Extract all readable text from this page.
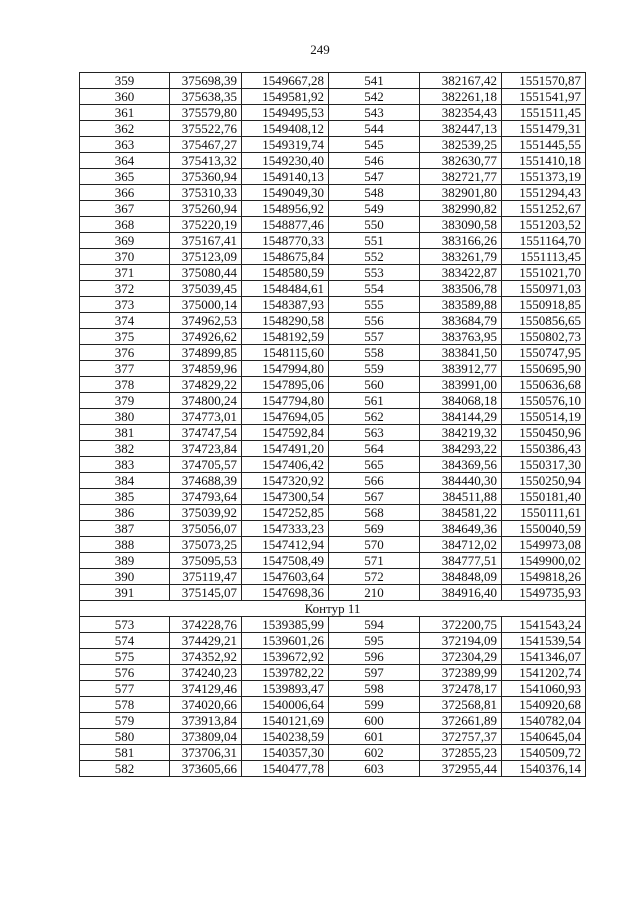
249
359	375698,39	1549667,28	541	382167,42	1551570,87
360	375638,35	1549581,92	542	382261,18	1551541,97
361	375579,80	1549495,53	543	382354,43	1551511,45
362	375522,76	1549408,12	544	382447,13	1551479,31
363	375467,27	1549319,74	545	382539,25	1551445,55
364	375413,32	1549230,40	546	382630,77	1551410,18
365	375360,94	1549140,13	547	382721,77	1551373,19
366	375310,33	1549049,30	548	382901,80	1551294,43
367	375260,94	1548956,92	549	382990,82	1551252,67
368	375220,19	1548877,46	550	383090,58	1551203,52
369	375167,41	1548770,33	551	383166,26	1551164,70
370	375123,09	1548675,84	552	383261,79	1551113,45
371	375080,44	1548580,59	553	383422,87	1551021,70
372	375039,45	1548484,61	554	383506,78	1550971,03
373	375000,14	1548387,93	555	383589,88	1550918,85
374	374962,53	1548290,58	556	383684,79	1550856,65
375	374926,62	1548192,59	557	383763,95	1550802,73
376	374899,85	1548115,60	558	383841,50	1550747,95
377	374859,96	1547994,80	559	383912,77	1550695,90
378	374829,22	1547895,06	560	383991,00	1550636,68
379	374800,24	1547794,80	561	384068,18	1550576,10
380	374773,01	1547694,05	562	384144,29	1550514,19
381	374747,54	1547592,84	563	384219,32	1550450,96
382	374723,84	1547491,20	564	384293,22	1550386,43
383	374705,57	1547406,42	565	384369,56	1550317,30
384	374688,39	1547320,92	566	384440,30	1550250,94
385	374793,64	1547300,54	567	384511,88	1550181,40
386	375039,92	1547252,85	568	384581,22	1550111,61
387	375056,07	1547333,23	569	384649,36	1550040,59
388	375073,25	1547412,94	570	384712,02	1549973,08
389	375095,53	1547508,49	571	384777,51	1549900,02
390	375119,47	1547603,64	572	384848,09	1549818,26
391	375145,07	1547698,36	210	384916,40	1549735,93
Контур 11					
573	374228,76	1539385,99	594	372200,75	1541543,24
574	374429,21	1539601,26	595	372194,09	1541539,54
575	374352,92	1539672,92	596	372304,29	1541346,07
576	374240,23	1539782,22	597	372389,99	1541202,74
577	374129,46	1539893,47	598	372478,17	1541060,93
578	374020,66	1540006,64	599	372568,81	1540920,68
579	373913,84	1540121,69	600	372661,89	1540782,04
580	373809,04	1540238,59	601	372757,37	1540645,04
581	373706,31	1540357,30	602	372855,23	1540509,72
582	373605,66	1540477,78	603	372955,44	1540376,14
